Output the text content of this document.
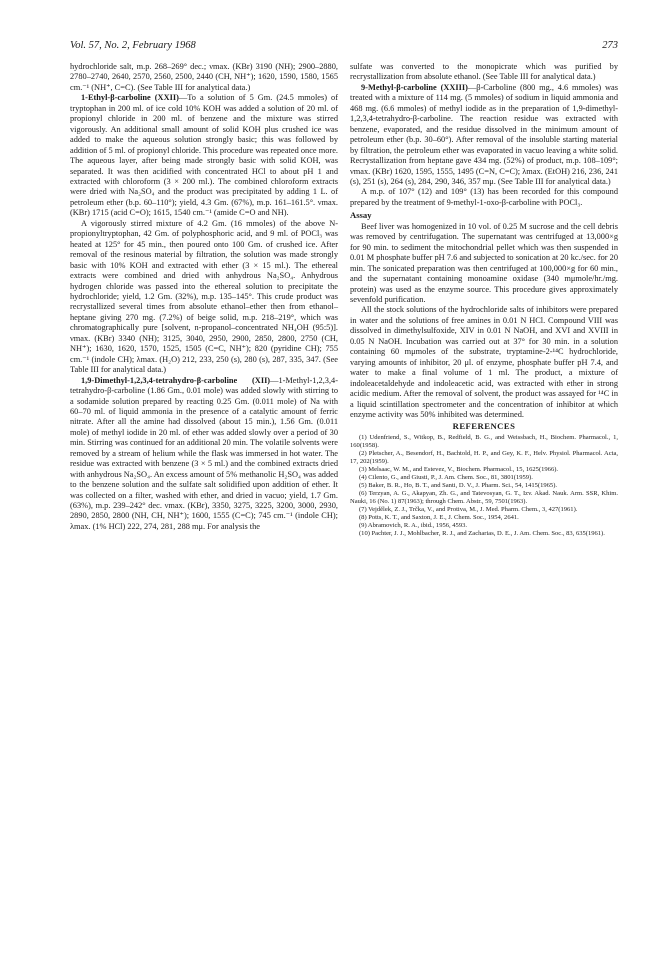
Vol. 57, No. 2, February 1968	273

hydrochloride salt, m.p. 268–269° dec.; νmax. (KBr) 3190 (NH); 2900–2880, 2780–2740, 2640, 2570, 2560, 2500, 2440 (CH, NH⁺); 1620, 1590, 1580, 1565 cm.⁻¹ (NH⁺, C=C). (See Table III for analytical data.)

1-Ethyl-β-carboline (XXII)—To a solution of 5 Gm. (24.5 mmoles) of tryptophan in 200 ml. of ice cold 10% KOH was added a solution of 20 ml. of propionyl chloride in 200 ml. of benzene and the mixture was stirred vigorously. An additional small amount of solid KOH plus crushed ice was added to make the aqueous solution strongly basic; this was followed by addition of 5 ml. of propionyl chloride. This procedure was repeated once more. The aqueous layer, after being made strongly basic with solid KOH, was separated. It was then acidified with concentrated HCl to about pH 1 and extracted with chloroform (3 × 200 ml.). The combined chloroform extracts were dried with Na₂SO₄ and the product was precipitated by adding 1 L. of petroleum ether (b.p. 60–110°); yield, 4.3 Gm. (67%), m.p. 161–161.5°. νmax. (KBr) 1715 (acid C=O); 1615, 1540 cm.⁻¹ (amide C=O and NH).

A vigorously stirred mixture of 4.2 Gm. (16 mmoles) of the above N-propionyltryptophan, 42 Gm. of polyphosphoric acid, and 9 ml. of POCl₃ was heated at 125° for 45 min., then poured onto 100 Gm. of crushed ice. After removal of the resinous material by filtration, the solution was made strongly basic with 10% KOH and extracted with ether (3 × 15 ml.). The ethereal extracts were combined and dried with anhydrous Na₂SO₄. Anhydrous hydrogen chloride was passed into the ethereal solution to precipitate the hydrochloride; yield, 1.2 Gm. (32%), m.p. 135–145°. This crude product was recrystallized several times from absolute ethanol–ether then from ethanol–heptane giving 270 mg. (7.2%) of beige solid, m.p. 218–219°, which was chromatographically pure [solvent, n-propanol–concentrated NH₄OH (95:5)]. νmax. (KBr) 3340 (NH); 3125, 3040, 2950, 2900, 2850, 2800, 2750 (CH, NH⁺); 1630, 1620, 1570, 1525, 1505 (C=C, NH⁺); 820 (pyridine CH); 755 cm.⁻¹ (indole CH); λmax. (H₂O) 212, 233, 250 (s), 280 (s), 287, 335, 347. (See Table III for analytical data.)

1,9-Dimethyl-1,2,3,4-tetrahydro-β-carboline (XII)—1-Methyl-1,2,3,4-tetrahydro-β-carboline (1.86 Gm., 0.01 mole) was added slowly with stirring to a sodamide solution prepared by reacting 0.25 Gm. (0.011 mole) of Na with 60–70 ml. of liquid ammonia in the presence of a catalytic amount of ferric nitrate. After all the amine had dissolved (about 15 min.), 1.56 Gm. (0.011 mole) of methyl iodide in 20 ml. of ether was added slowly over a period of 30 min. Stirring was continued for an additional 20 min. The volatile solvents were removed by a stream of helium while the flask was immersed in hot water. The residue was extracted with benzene (3 × 5 ml.) and the combined extracts dried with anhydrous Na₂SO₄. An excess amount of 5% methanolic H₂SO₄ was added to the benzene solution and the sulfate salt solidified upon addition of ether. It was collected on a filter, washed with ether, and dried in vacuo; yield, 1.7 Gm. (63%), m.p. 239–242° dec. νmax. (KBr), 3350, 3275, 3225, 3200, 3000, 2930, 2890, 2850, 2800 (NH, CH, NH⁺); 1600, 1555 (C=C); 745 cm.⁻¹ (indole CH); λmax. (1% HCl) 222, 274, 281, 288 mμ. For analysis the

sulfate was converted to the monopicrate which was purified by recrystallization from absolute ethanol. (See Table III for analytical data.)

9-Methyl-β-carboline (XXIII)—β-Carboline (800 mg., 4.6 mmoles) was treated with a mixture of 114 mg. (5 mmoles) of sodium in liquid ammonia and 468 mg. (6.6 mmoles) of methyl iodide as in the preparation of 1,9-dimethyl-1,2,3,4-tetrahydro-β-carboline. The reaction residue was extracted with benzene, evaporated, and the residue dissolved in the minimum amount of petroleum ether (b.p. 30–60°). After removal of the insoluble starting material by filtration, the petroleum ether was evaporated in vacuo leaving a white solid. Recrystallization from heptane gave 434 mg. (52%) of product, m.p. 108–109°; νmax. (KBr) 1620, 1595, 1555, 1495 (C=N, C=C); λmax. (EtOH) 216, 236, 241 (s), 251 (s), 264 (s), 284, 290, 346, 357 mμ. (See Table III for analytical data.)

A m.p. of 107° (12) and 109° (13) has been recorded for this compound prepared by the treatment of 9-methyl-1-oxo-β-carboline with POCl₃.

Assay

Beef liver was homogenized in 10 vol. of 0.25 M sucrose and the cell debris was removed by centrifugation. The supernatant was centrifuged at 13,000×g for 90 min. to sediment the mitochondrial pellet which was then suspended in 0.01 M phosphate buffer pH 7.6 and subjected to sonication at 20 kc./sec. for 20 min. The sonicated preparation was then centrifuged at 100,000×g for 60 min., and the supernatant containing monoamine oxidase (340 mμmole/hr./mg. protein) was used as the enzyme source. This procedure gives approximately sevenfold purification.

All the stock solutions of the hydrochloride salts of inhibitors were prepared in water and the solutions of free amines in 0.01 N HCl. Compound VIII was dissolved in dimethylsulfoxide, XIV in 0.01 N NaOH, and XVI and XVIII in 0.05 N NaOH. Incubation was carried out at 37° for 30 min. in a solution containing 60 mμmoles of the substrate, tryptamine-2-¹⁴C hydrochloride, varying amounts of inhibitor, 20 μl. of enzyme, phosphate buffer pH 7.4, and water to make a final volume of 1 ml. The product, a mixture of indoleacetaldehyde and indoleacetic acid, was extracted with ether in strong acidic medium. After the removal of solvent, the product was assayed for ¹⁴C in a liquid scintillation spectrometer and the concentration of inhibitor at which enzyme activity was 50% inhibited was determined.

REFERENCES

(1) Udenfriend, S., Witkop, B., Redfield, B. G., and Weissbach, H., Biochem. Pharmacol., 1, 160(1958).

(2) Pletscher, A., Besendorf, H., Bachtold, H. P., and Gey, K. F., Helv. Physiol. Pharmacol. Acta, 17, 202(1959).

(3) Melsaac, W. M., and Estevez, V., Biochem. Pharmacol., 15, 1625(1966).

(4) Cilento, G., and Giusti, P., J. Am. Chem. Soc., 81, 3801(1959).

(5) Baker, B. R., Ho, B. T., and Santi, D. V., J. Pharm. Sci., 54, 1415(1965).

(6) Terzyan, A. G., Akapyan, Zh. G., and Tatevosyan, G. T., Izv. Akad. Nauk. Arm. SSR, Khim. Nauki, 16 (No. 1) 87(1963); through Chem. Abstr., 59, 7501(1963).

(7) Vejdělek, Z. J., Trčka, V., and Protiva, M., J. Med. Pharm. Chem., 3, 427(1961).

(8) Potts, K. T., and Saxton, J. E., J. Chem. Soc., 1954, 2641.

(9) Abramovich, R. A., ibid., 1956, 4593.

(10) Pachter, J. J., Mohlbacher, R. J., and Zacharias, D. E., J. Am. Chem. Soc., 83, 635(1961).
